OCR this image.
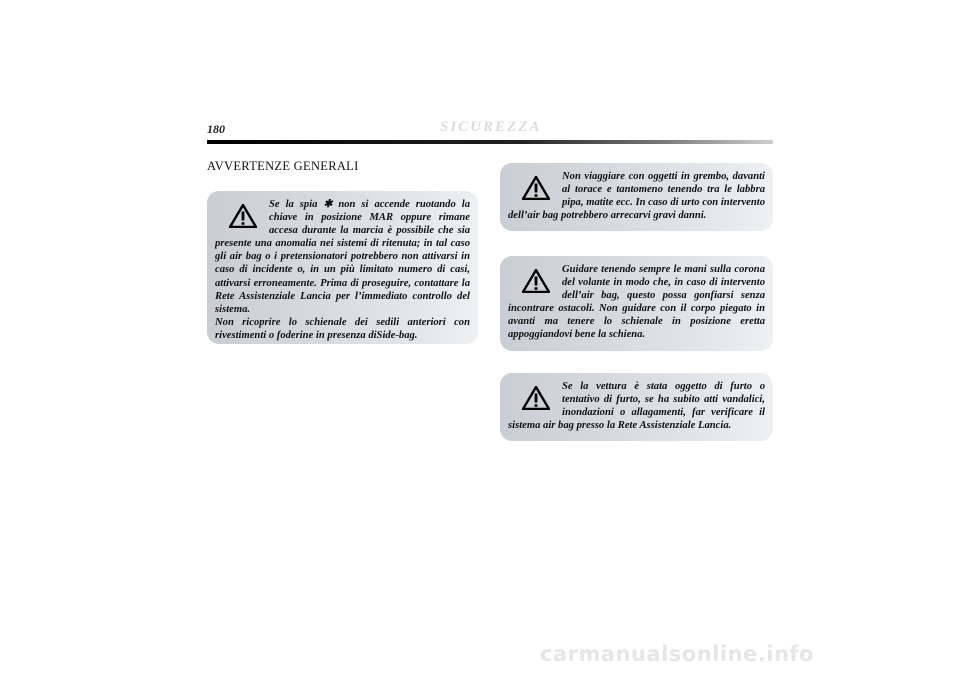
180	SICUREZZA
AVVERTENZE GENERALI

Se la spia ✱ non si accende ruotando la chiave in posizione MAR oppure rimane accesa durante la marcia è possibile che sia presente una anomalia nei sistemi di ritenuta; in tal caso gli air bag o i pretensionatori potrebbero non attivarsi in caso di incidente o, in un più limitato numero di casi, attivarsi erroneamente. Prima di proseguire, contattare la Rete Assistenziale Lancia per l’immediato controllo del sistema.

Non ricoprire lo schienale dei sedili anteriori con rivestimenti o foderine in presenza diSide-bag.

Non viaggiare con oggetti in grembo, davanti al torace e tantomeno tenendo tra le labbra pipa, matite ecc. In caso di urto con intervento dell’air bag potrebbero arrecarvi gravi danni.

Guidare tenendo sempre le mani sulla corona del volante in modo che, in caso di intervento dell’air bag, questo possa gonfiarsi senza incontrare ostacoli. Non guidare con il corpo piegato in avanti ma tenere lo schienale in posizione eretta appoggiandovi bene la schiena.

Se la vettura è stata oggetto di furto o tentativo di furto, se ha subito atti vandalici, inondazioni o allagamenti, far verificare il sistema air bag presso la Rete Assistenziale Lancia.

carmanualsonline.info
